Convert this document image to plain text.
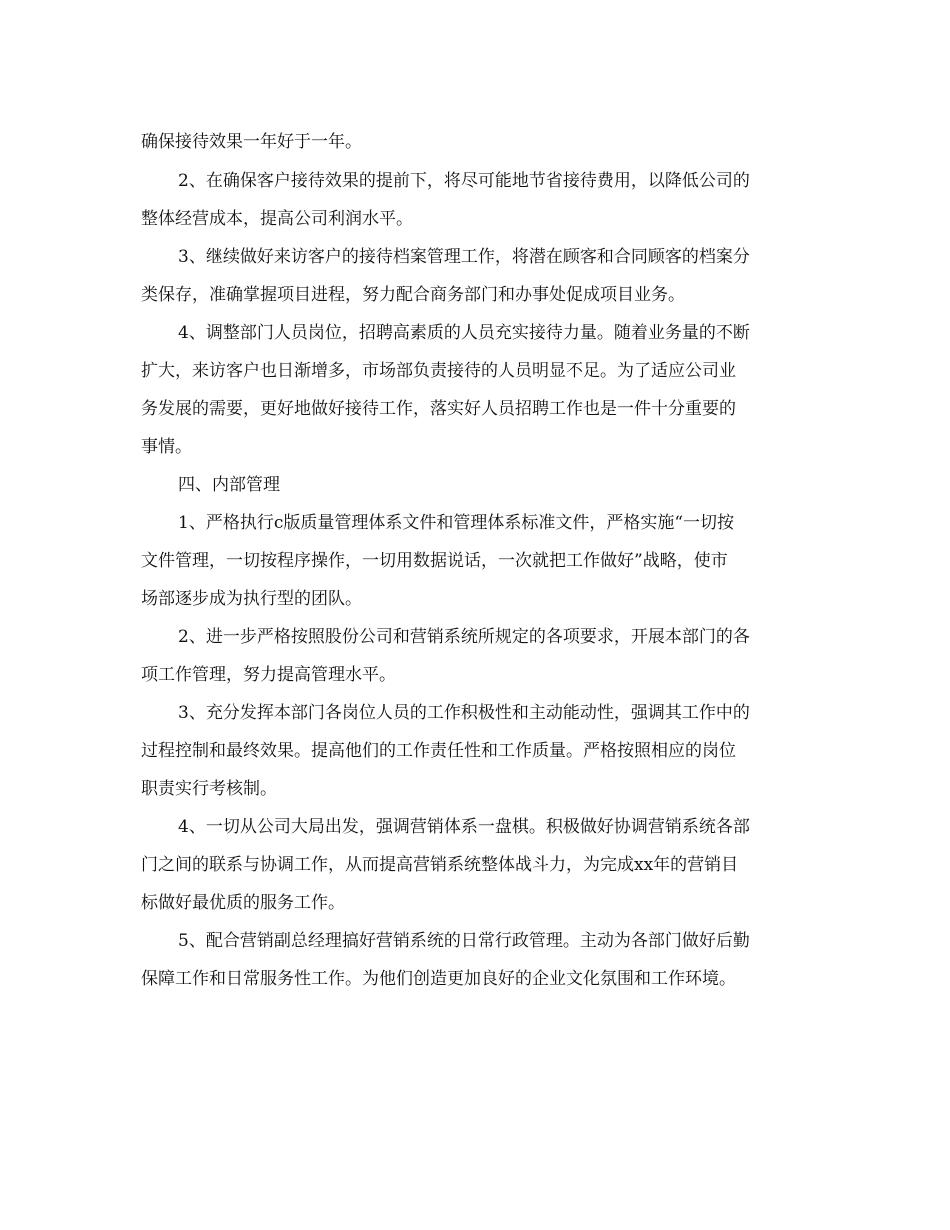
确保接待效果一年好于一年。
2、在确保客户接待效果的提前下，将尽可能地节省接待费用，以降低公司的
整体经营成本，提高公司利润水平。
3、继续做好来访客户的接待档案管理工作，将潜在顾客和合同顾客的档案分
类保存，准确掌握项目进程，努力配合商务部门和办事处促成项目业务。
4、调整部门人员岗位，招聘高素质的人员充实接待力量。随着业务量的不断
扩大，来访客户也日渐增多，市场部负责接待的人员明显不足。为了适应公司业
务发展的需要，更好地做好接待工作，落实好人员招聘工作也是一件十分重要的
事情。
四、内部管理
1、严格执行c版质量管理体系文件和管理体系标准文件，严格实施“一切按
文件管理，一切按程序操作，一切用数据说话，一次就把工作做好”战略，使市
场部逐步成为执行型的团队。
2、进一步严格按照股份公司和营销系统所规定的各项要求，开展本部门的各
项工作管理，努力提高管理水平。
3、充分发挥本部门各岗位人员的工作积极性和主动能动性，强调其工作中的
过程控制和最终效果。提高他们的工作责任性和工作质量。严格按照相应的岗位
职责实行考核制。
4、一切从公司大局出发，强调营销体系一盘棋。积极做好协调营销系统各部
门之间的联系与协调工作，从而提高营销系统整体战斗力，为完成xx年的营销目
标做好最优质的服务工作。
5、配合营销副总经理搞好营销系统的日常行政管理。主动为各部门做好后勤
保障工作和日常服务性工作。为他们创造更加良好的企业文化氛围和工作环境。
